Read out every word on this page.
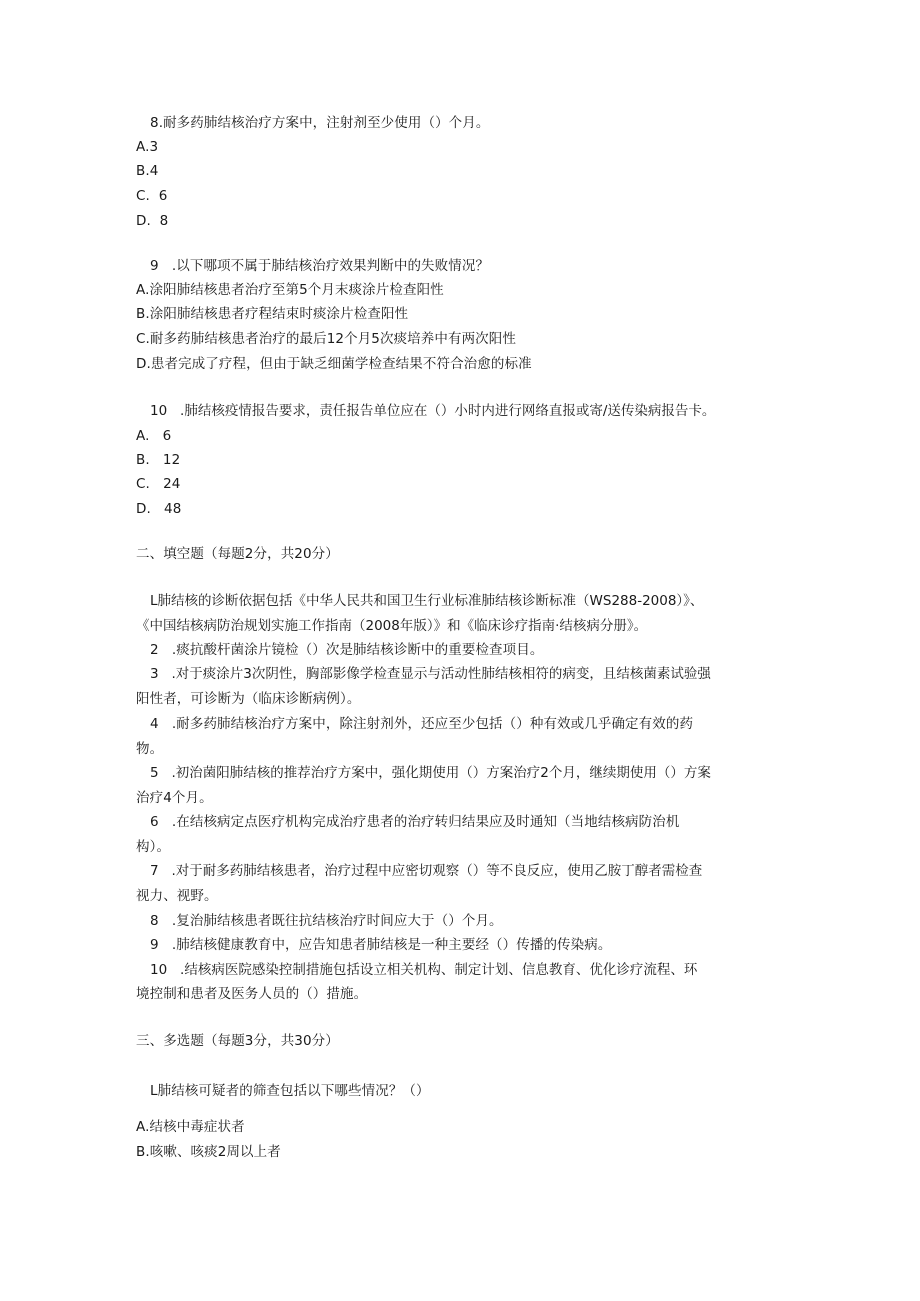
8.耐多药肺结核治疗方案中，注射剂至少使用（）个月。
A.3
B.4
C.  6
D.  8
9   .以下哪项不属于肺结核治疗效果判断中的失败情况？
A.涂阳肺结核患者治疗至第5个月末痰涂片检查阳性
B.涂阳肺结核患者疗程结束时痰涂片检查阳性
C.耐多药肺结核患者治疗的最后12个月5次痰培养中有两次阳性
D.患者完成了疗程，但由于缺乏细菌学检查结果不符合治愈的标准
10   .肺结核疫情报告要求，责任报告单位应在（）小时内进行网络直报或寄/送传染病报告卡。
A.   6
B.   12
C.   24
D.   48
二、填空题（每题2分，共20分）
L肺结核的诊断依据包括《中华人民共和国卫生行业标准肺结核诊断标准（WS288-2008）》、
《中国结核病防治规划实施工作指南（2008年版）》和《临床诊疗指南·结核病分册》。
2   .痰抗酸杆菌涂片镜检（）次是肺结核诊断中的重要检查项目。
3   .对于痰涂片3次阴性，胸部影像学检查显示与活动性肺结核相符的病变，且结核菌素试验强
阳性者，可诊断为（临床诊断病例）。
4   .耐多药肺结核治疗方案中，除注射剂外，还应至少包括（）种有效或几乎确定有效的药
物。
5   .初治菌阳肺结核的推荐治疗方案中，强化期使用（）方案治疗2个月，继续期使用（）方案
治疗4个月。
6   .在结核病定点医疗机构完成治疗患者的治疗转归结果应及时通知（当地结核病防治机
构）。
7   .对于耐多药肺结核患者，治疗过程中应密切观察（）等不良反应，使用乙胺丁醇者需检查
视力、视野。
8   .复治肺结核患者既往抗结核治疗时间应大于（）个月。
9   .肺结核健康教育中，应告知患者肺结核是一种主要经（）传播的传染病。
10   .结核病医院感染控制措施包括设立相关机构、制定计划、信息教育、优化诊疗流程、环
境控制和患者及医务人员的（）措施。
三、多选题（每题3分，共30分）
L肺结核可疑者的筛查包括以下哪些情况？（）
A.结核中毒症状者
B.咳嗽、咳痰2周以上者
